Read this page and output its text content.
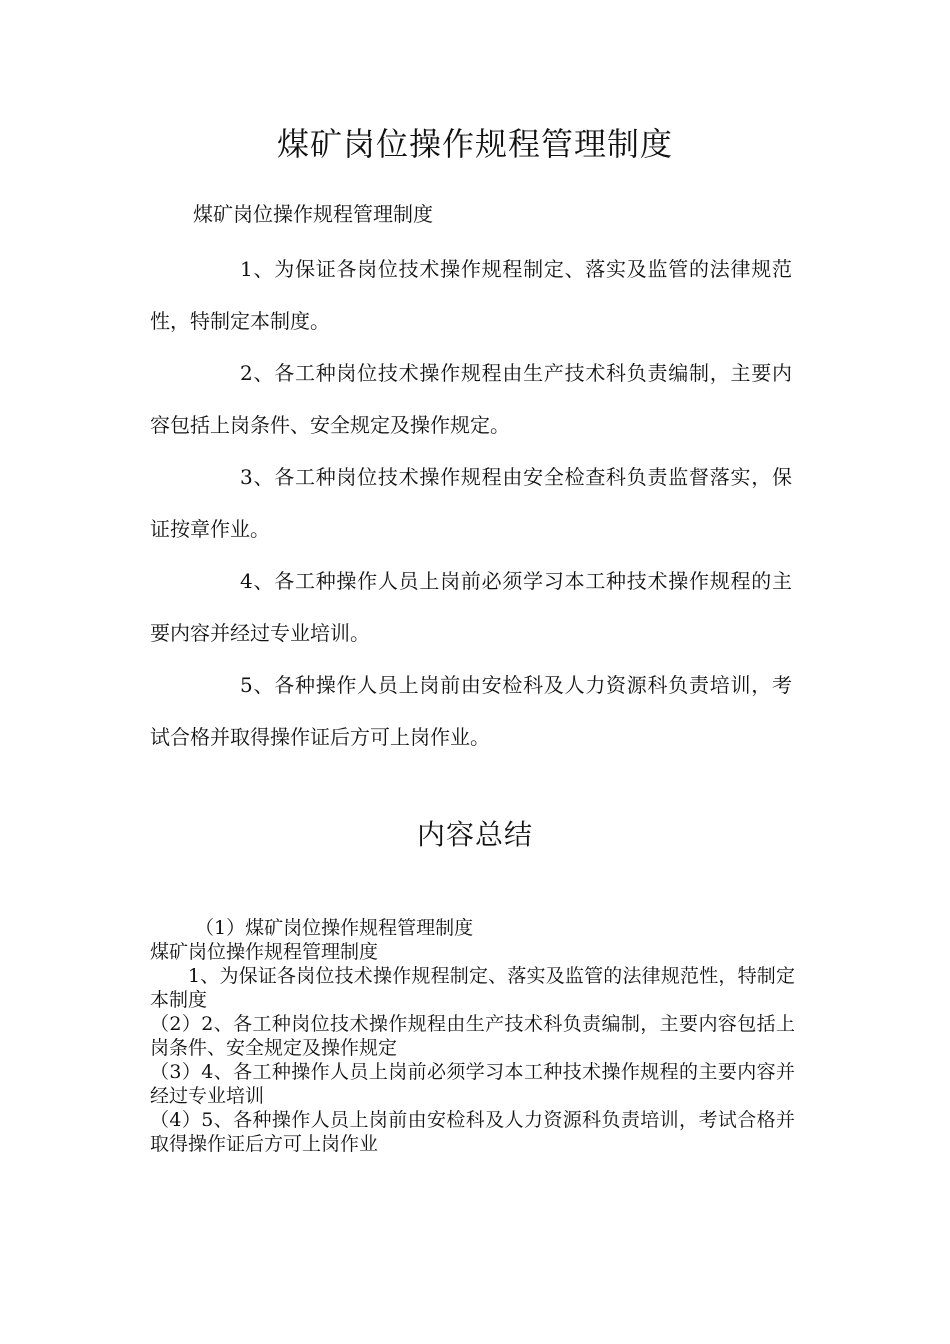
煤矿岗位操作规程管理制度
煤矿岗位操作规程管理制度

1、为保证各岗位技术操作规程制定、落实及监管的法律规范性，特制定本制度。

2、各工种岗位技术操作规程由生产技术科负责编制，主要内容包括上岗条件、安全规定及操作规定。

3、各工种岗位技术操作规程由安全检查科负责监督落实，保证按章作业。

4、各工种操作人员上岗前必须学习本工种技术操作规程的主要内容并经过专业培训。

5、各种操作人员上岗前由安检科及人力资源科负责培训，考试合格并取得操作证后方可上岗作业。

内容总结

（1）煤矿岗位操作规程管理制度

煤矿岗位操作规程管理制度

1、为保证各岗位技术操作规程制定、落实及监管的法律规范性，特制定本制度

（2）2、各工种岗位技术操作规程由生产技术科负责编制，主要内容包括上岗条件、安全规定及操作规定

（3）4、各工种操作人员上岗前必须学习本工种技术操作规程的主要内容并经过专业培训

（4）5、各种操作人员上岗前由安检科及人力资源科负责培训，考试合格并取得操作证后方可上岗作业
